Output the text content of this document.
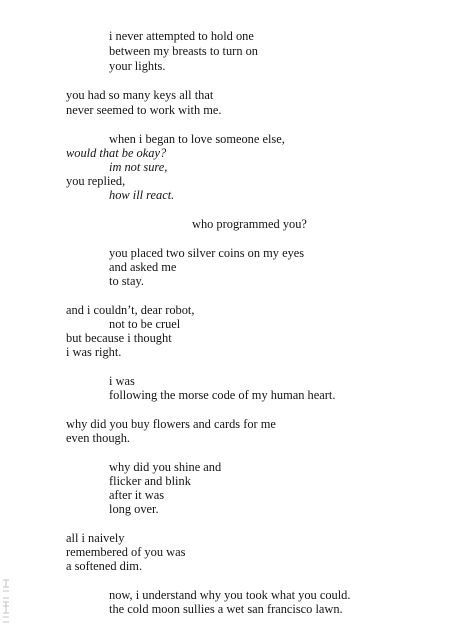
i never attempted to hold one
between my breasts to turn on
your lights.
you had so many keys all that
never seemed to work with me.
when i began to love someone else,
would that be okay?
im not sure,
you replied,
how ill react.
who programmed you?
you placed two silver coins on my eyes
and asked me
to stay.
and i couldn’t, dear robot,
not to be cruel
but because i thought
i was right.
i was
following the morse code of my human heart.
why did you buy flowers and cards for me
even though.
why did you shine and
flicker and blink
after it was
long over.
all i naively
remembered of you was
a softened dim.
now, i understand why you took what you could.
the cold moon sullies a wet san francisco lawn.
